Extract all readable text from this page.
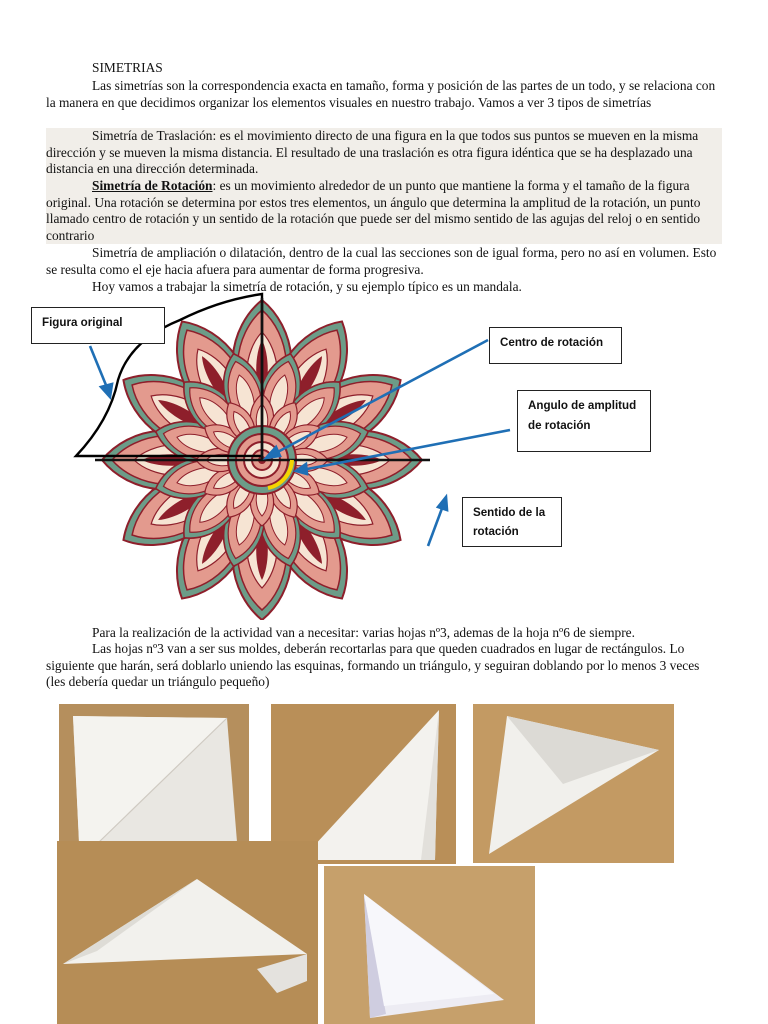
SIMETRIAS
Las simetrías son la correspondencia exacta en tamaño, forma y posición de las partes de un todo, y se relaciona con la manera en que decidimos organizar los elementos visuales en nuestro trabajo. Vamos a ver 3 tipos de simetrías
Simetría de Traslación: es el movimiento directo de una figura en la que todos sus puntos se mueven en la misma dirección y se mueven la misma distancia. El resultado de una traslación es otra figura idéntica que se ha desplazado una distancia en una dirección determinada.
Simetría de Rotación: es un movimiento alrededor de un punto que mantiene la forma y el tamaño de la figura original. Una rotación se determina por estos tres elementos, un ángulo que determina la amplitud de la rotación, un punto llamado centro de rotación y un sentido de la rotación que puede ser del mismo sentido de las agujas del reloj o en sentido contrario
Simetría de ampliación o dilatación, dentro de la cual las secciones son de igual forma, pero no así en volumen. Esto se resulta como el eje hacia afuera para aumentar de forma progresiva.
Hoy vamos a trabajar la simetría de rotación, y su ejemplo típico es un mandala.
Figura original
Centro de rotación
Angulo de amplitud de rotación
Sentido de la rotación
Para la realización de la actividad van a necesitar: varias hojas nº3, ademas de la hoja nº6 de siempre.
Las hojas nº3 van a ser sus moldes, deberán recortarlas para que queden cuadrados en lugar de rectángulos. Lo siguiente que harán, será doblarlo uniendo las esquinas, formando un triángulo, y seguiran doblando por lo menos 3 veces (les debería quedar un triángulo pequeño)
